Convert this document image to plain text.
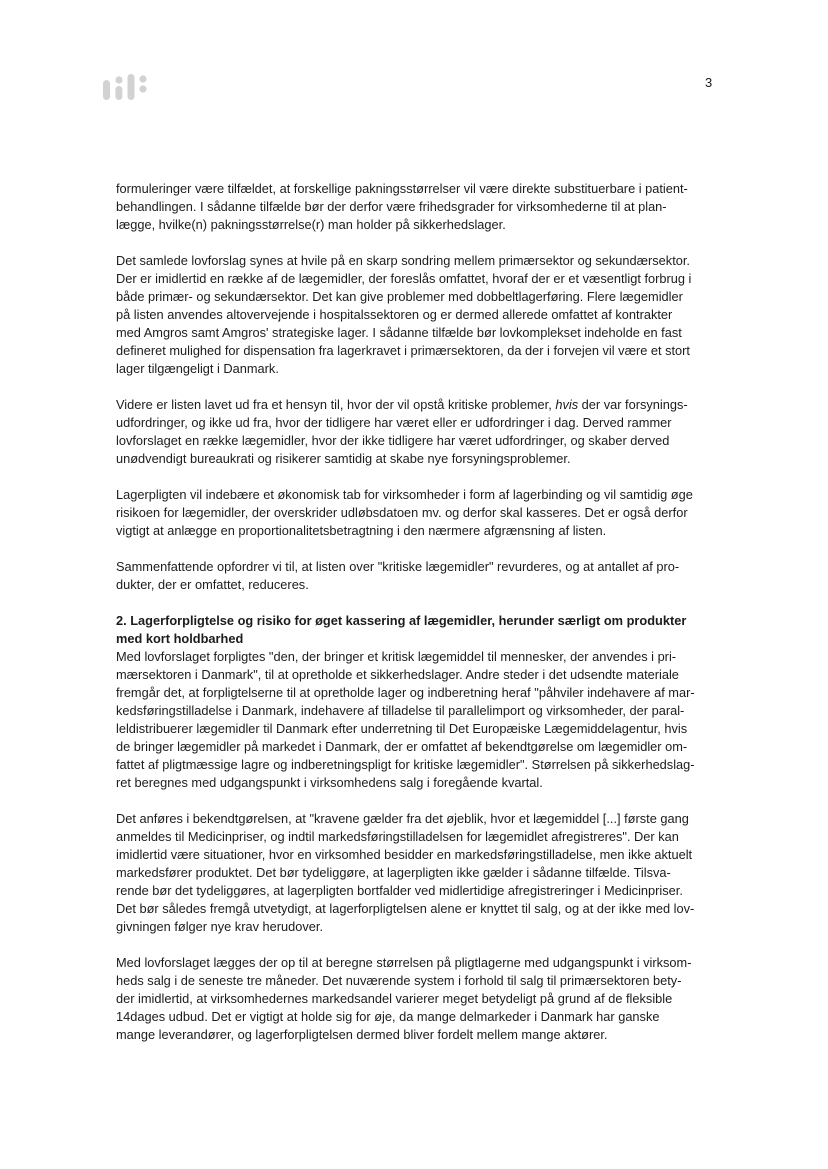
3

formuleringer være tilfældet, at forskellige pakningsstørrelser vil være direkte substituerbare i patient-

behandlingen. I sådanne tilfælde bør der derfor være frihedsgrader for virksomhederne til at plan-

lægge, hvilke(n) pakningsstørrelse(r) man holder på sikkerhedslager.

Det samlede lovforslag synes at hvile på en skarp sondring mellem primærsektor og sekundærsektor.

Der er imidlertid en række af de lægemidler, der foreslås omfattet, hvoraf der er et væsentligt forbrug i

både primær- og sekundærsektor. Det kan give problemer med dobbeltlagerføring. Flere lægemidler

på listen anvendes altovervejende i hospitalssektoren og er dermed allerede omfattet af kontrakter

med Amgros samt Amgros' strategiske lager. I sådanne tilfælde bør lovkomplekset indeholde en fast

defineret mulighed for dispensation fra lagerkravet i primærsektoren, da der i forvejen vil være et stort

lager tilgængeligt i Danmark.

Videre er listen lavet ud fra et hensyn til, hvor der vil opstå kritiske problemer, hvis der var forsynings-

udfordringer, og ikke ud fra, hvor der tidligere har været eller er udfordringer i dag. Derved rammer

lovforslaget en række lægemidler, hvor der ikke tidligere har været udfordringer, og skaber derved

unødvendigt bureaukrati og risikerer samtidig at skabe nye forsyningsproblemer.

Lagerpligten vil indebære et økonomisk tab for virksomheder i form af lagerbinding og vil samtidig øge

risikoen for lægemidler, der overskrider udløbsdatoen mv. og derfor skal kasseres. Det er også derfor

vigtigt at anlægge en proportionalitetsbetragtning i den nærmere afgrænsning af listen.

Sammenfattende opfordrer vi til, at listen over "kritiske lægemidler" revurderes, og at antallet af pro-

dukter, der er omfattet, reduceres.

2. Lagerforpligtelse og risiko for øget kassering af lægemidler, herunder særligt om produkter

med kort holdbarhed

Med lovforslaget forpligtes "den, der bringer et kritisk lægemiddel til mennesker, der anvendes i pri-

mærsektoren i Danmark", til at opretholde et sikkerhedslager. Andre steder i det udsendte materiale

fremgår det, at forpligtelserne til at opretholde lager og indberetning heraf "påhviler indehavere af mar-

kedsføringstilladelse i Danmark, indehavere af tilladelse til parallelimport og virksomheder, der paral-

leldistribuerer lægemidler til Danmark efter underretning til Det Europæiske Lægemiddelagentur, hvis

de bringer lægemidler på markedet i Danmark, der er omfattet af bekendtgørelse om lægemidler om-

fattet af pligtmæssige lagre og indberetningspligt for kritiske lægemidler". Størrelsen på sikkerhedslag-

ret beregnes med udgangspunkt i virksomhedens salg i foregående kvartal.

Det anføres i bekendtgørelsen, at "kravene gælder fra det øjeblik, hvor et lægemiddel [...] første gang

anmeldes til Medicinpriser, og indtil markedsføringstilladelsen for lægemidlet afregistreres". Der kan

imidlertid være situationer, hvor en virksomhed besidder en markedsføringstilladelse, men ikke aktuelt

markedsfører produktet. Det bør tydeliggøre, at lagerpligten ikke gælder i sådanne tilfælde. Tilsva-

rende bør det tydeliggøres, at lagerpligten bortfalder ved midlertidige afregistreringer i Medicinpriser.

Det bør således fremgå utvetydigt, at lagerforpligtelsen alene er knyttet til salg, og at der ikke med lov-

givningen følger nye krav herudover.

Med lovforslaget lægges der op til at beregne størrelsen på pligtlagerne med udgangspunkt i virksom-

heds salg i de seneste tre måneder. Det nuværende system i forhold til salg til primærsektoren bety-

der imidlertid, at virksomhedernes markedsandel varierer meget betydeligt på grund af de fleksible

14dages udbud. Det er vigtigt at holde sig for øje, da mange delmarkeder i Danmark har ganske

mange leverandører, og lagerforpligtelsen dermed bliver fordelt mellem mange aktører.
